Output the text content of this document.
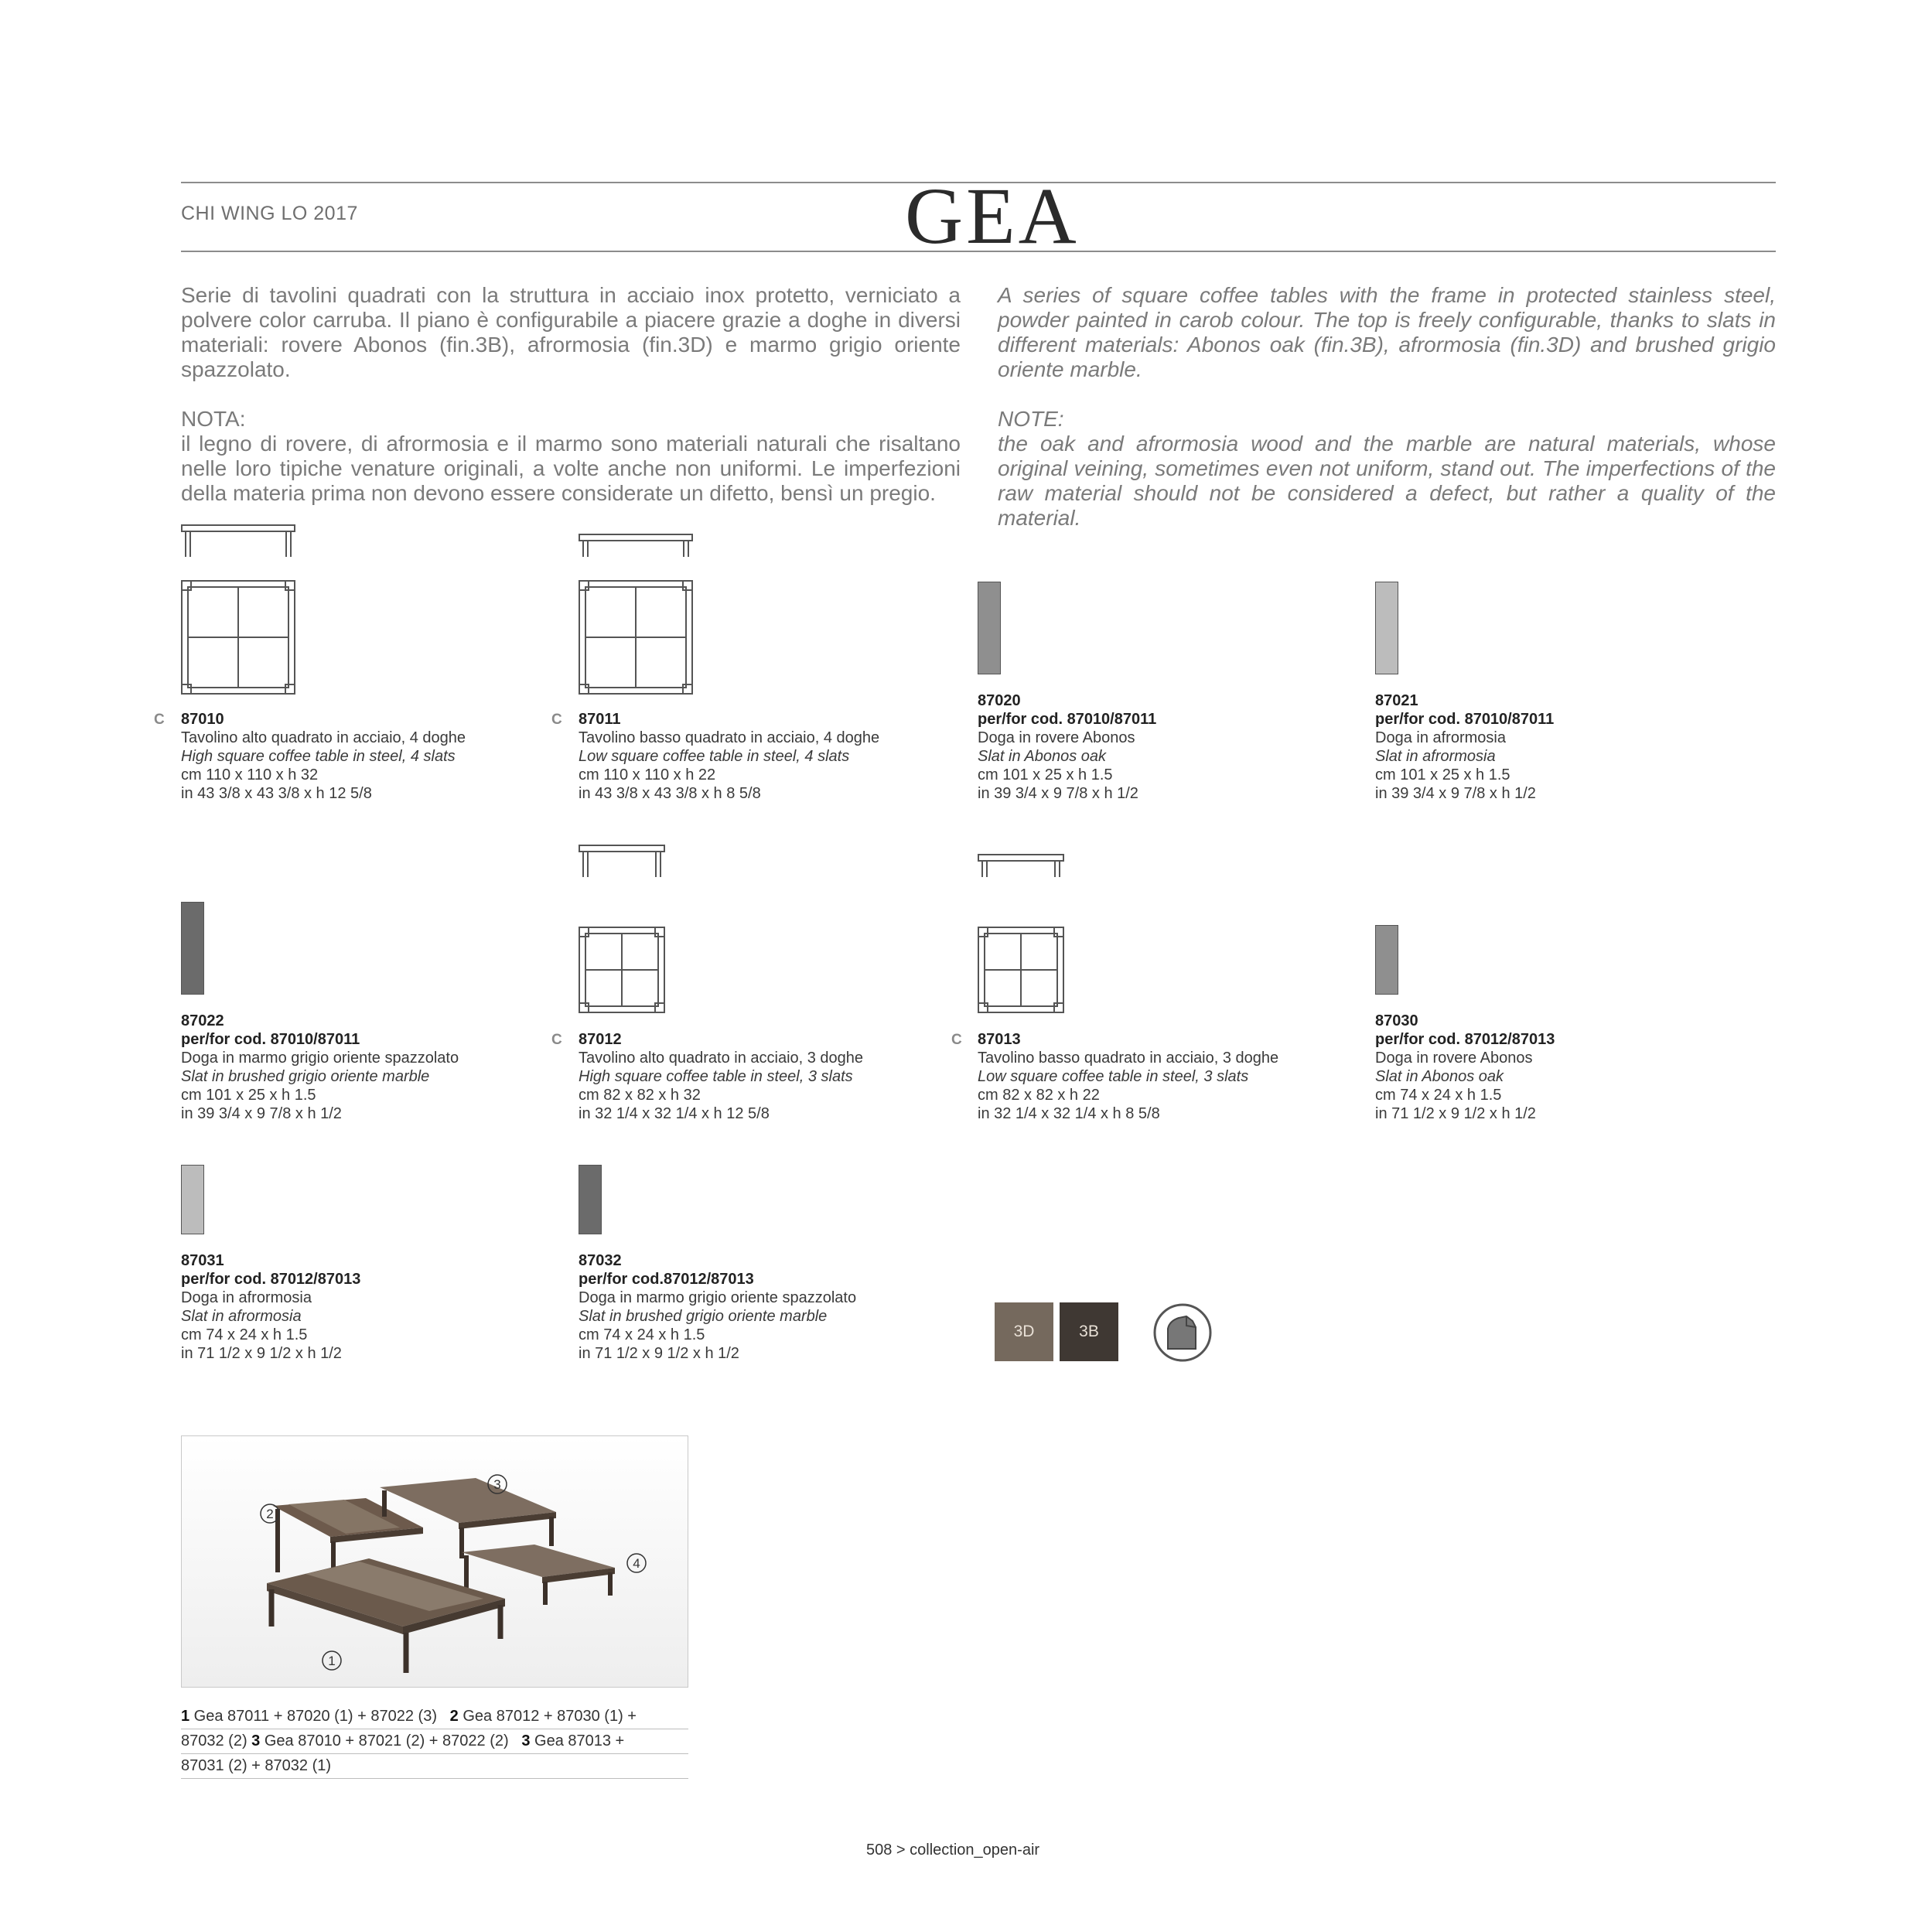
CHI WING LO 2017	GEA

Serie di tavolini quadrati con la struttura in acciaio inox protetto, verniciato a polvere color carruba. Il piano è configurabile a piacere grazie a doghe in diversi materiali: rovere Abonos (fin.3B), afrormosia (fin.3D) e marmo grigio oriente spazzolato.

NOTA:

il legno di rovere, di afrormosia e il marmo sono materiali naturali che risaltano nelle loro tipiche venature originali, a volte anche non uniformi. Le imperfezioni della materia prima non devono essere considerate un difetto, bensì un pregio.

A series of square coffee tables with the frame in protected stainless steel, powder painted in carob colour. The top is freely configurable, thanks to slats in different materials: Abonos oak (fin.3B), afrormosia (fin.3D) and brushed grigio oriente marble.

NOTE:

the oak and afrormosia wood and the marble are natural materials, whose original veining, sometimes even not uniform, stand out. The imperfections of the raw material should not be considered a defect, but rather a quality of the material.

C 87010
Tavolino alto quadrato in acciaio, 4 doghe
High square coffee table in steel, 4 slats
cm 110 x 110 x h 32
in 43 3/8 x 43 3/8 x h 12 5/8
C 87011
Tavolino basso quadrato in acciaio, 4 doghe
Low square coffee table in steel, 4 slats
cm 110 x 110 x h 22
in 43 3/8 x 43 3/8 x h 8 5/8
87020
per/for cod. 87010/87011
Doga in rovere Abonos
Slat in Abonos oak
cm 101 x 25 x h 1.5
in 39 3/4 x 9 7/8 x h 1/2
87021
per/for cod. 87010/87011
Doga in afrormosia
Slat in afrormosia
cm 101 x 25 x h 1.5
in 39 3/4 x 9 7/8 x h 1/2
87022
per/for cod. 87010/87011
Doga in marmo grigio oriente spazzolato
Slat in brushed grigio oriente marble
cm 101 x 25 x h 1.5
in 39 3/4 x 9 7/8 x h 1/2
C 87012
Tavolino alto quadrato in acciaio, 3 doghe
High square coffee table in steel, 3 slats
cm 82 x 82 x h 32
in 32 1/4 x 32 1/4 x h 12 5/8
C 87013
Tavolino basso quadrato in acciaio, 3 doghe
Low square coffee table in steel, 3 slats
cm 82 x 82 x h 22
in 32 1/4 x 32 1/4 x h 8 5/8
87030
per/for cod. 87012/87013
Doga in rovere Abonos
Slat in Abonos oak
cm 74 x 24 x h 1.5
in 71 1/2 x 9 1/2 x h 1/2
87031
per/for cod. 87012/87013
Doga in afrormosia
Slat in afrormosia
cm 74 x 24 x h 1.5
in 71 1/2 x 9 1/2 x h 1/2
87032
per/for cod.87012/87013
Doga in marmo grigio oriente spazzolato
Slat in brushed grigio oriente marble
cm 74 x 24 x h 1.5
in 71 1/2 x 9 1/2 x h 1/2
3D	3B
1
2
3
4
1 Gea 87011 + 87020 (1) + 87022 (3)   2 Gea 87012 + 87030 (1) +
87032 (2) 3 Gea 87010 + 87021 (2) + 87022 (2)   3 Gea 87013 +
87031 (2) + 87032 (1)
508 > collection_open-air
